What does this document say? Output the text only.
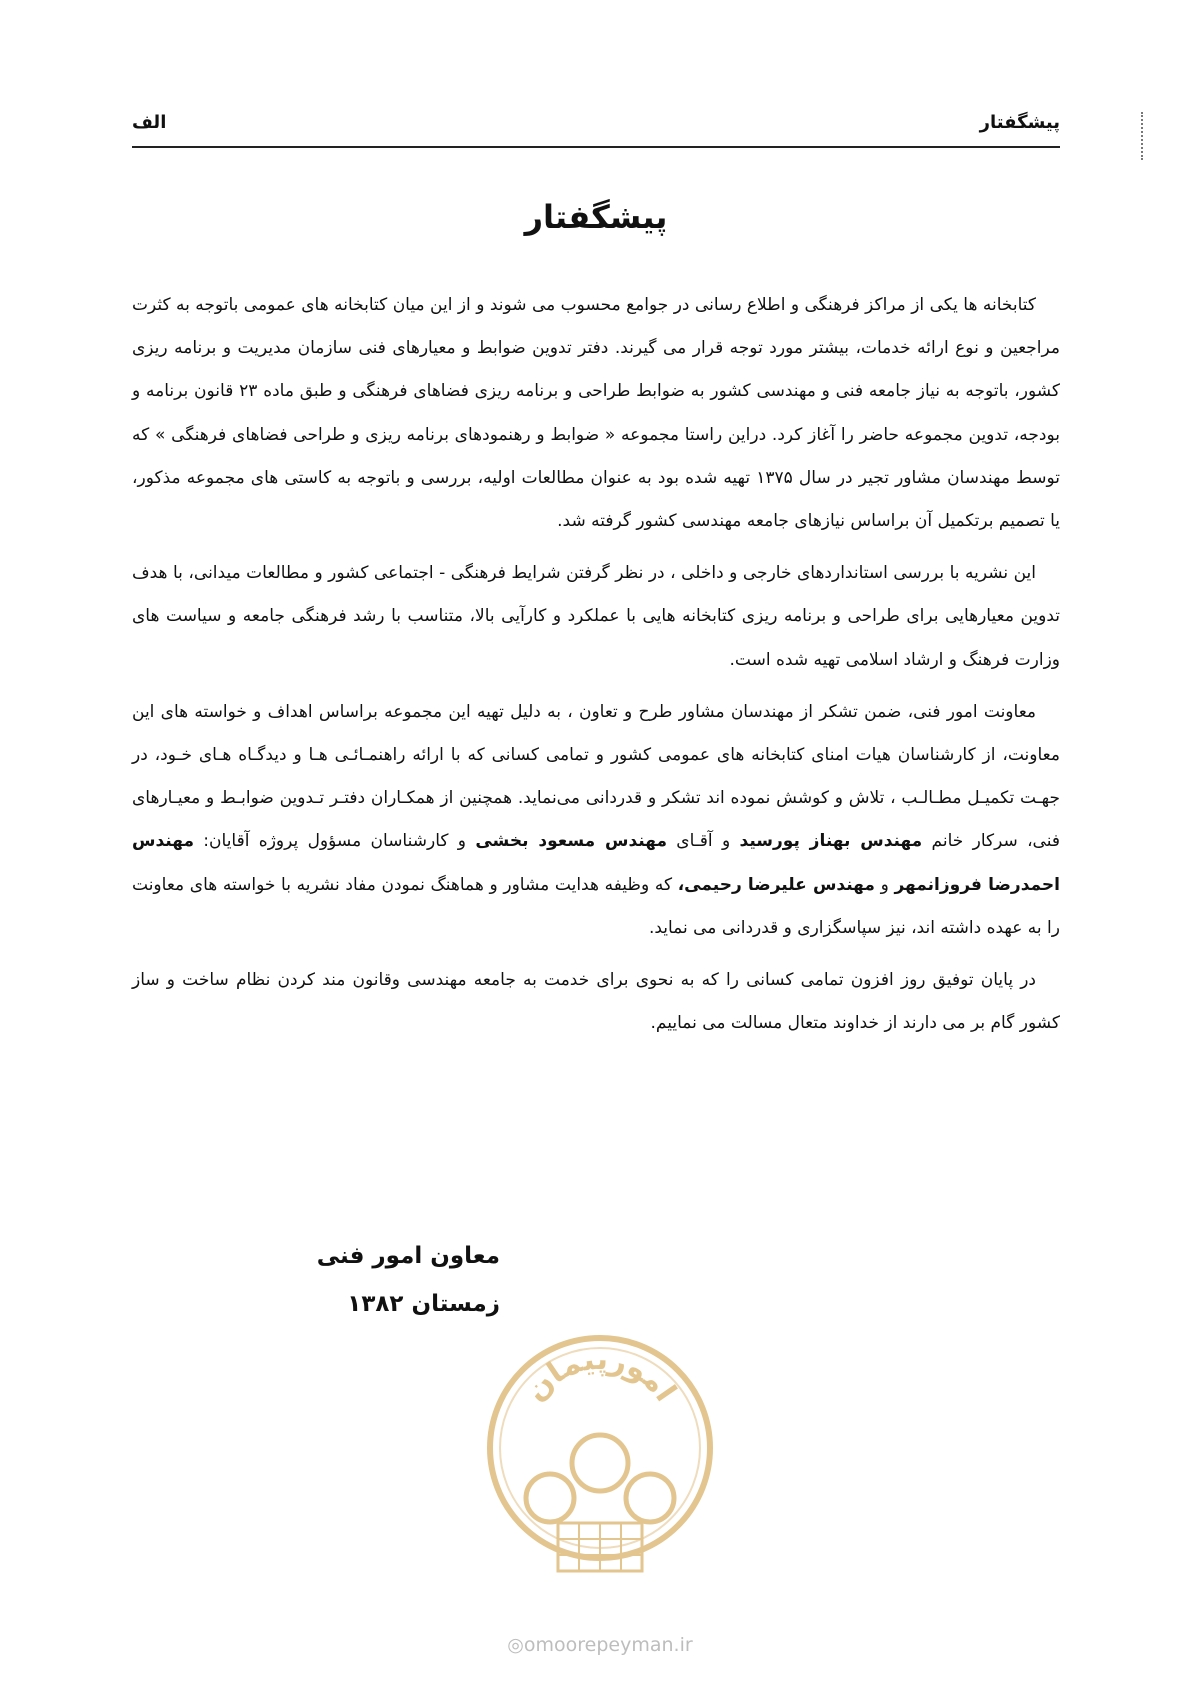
پیشگفتار
الف
پیشگفتار

کتابخانه ها یکی از مراکز فرهنگی و اطلاع رسانی در جوامع محسوب می شوند و از این میان کتابخانه های عمومی باتوجه به کثرت مراجعین و نوع ارائه خدمات، بیشتر مورد توجه قرار می گیرند. دفتر تدوین ضوابط و معیارهای فنی سازمان مدیریت و برنامه ریزی کشور، باتوجه به نیاز جامعه فنی و مهندسی کشور به ضوابط طراحی و برنامه ریزی فضاهای فرهنگی و طبق ماده ۲۳ قانون برنامه و بودجه، تدوین مجموعه حاضر را آغاز کرد. دراین راستا مجموعه « ضوابط و رهنمودهای برنامه ریزی و طراحی فضاهای فرهنگی » که توسط مهندسان مشاور تجیر در سال ۱۳۷۵ تهیه شده بود به عنوان مطالعات اولیه، بررسی و باتوجه به کاستی های مجموعه مذکور، یا تصمیم برتکمیل آن براساس نیازهای جامعه مهندسی کشور گرفته شد.

این نشریه با بررسی استانداردهای خارجی و داخلی ، در نظر گرفتن شرایط فرهنگی - اجتماعی کشور و مطالعات میدانی، با هدف تدوین معیارهایی برای طراحی و برنامه ریزی کتابخانه هایی با عملکرد و کارآیی بالا، متناسب با رشد فرهنگی جامعه و سیاست های وزارت فرهنگ و ارشاد اسلامی تهیه شده است.

معاونت امور فنی، ضمن تشکر از مهندسان مشاور طرح و تعاون ، به دلیل تهیه این مجموعه براساس اهداف و خواسته های این معاونت، از کارشناسان هیات امنای کتابخانه های عمومی کشور و تمامی کسانی که با ارائه راهنمـائـی هـا و دیدگـاه هـای خـود، در جهـت تکمیـل مطـالـب ، تلاش و کوشش نموده اند تشکر و قدردانی می‌نماید. همچنین از همکـاران دفتـر تـدوین ضوابـط و معیـارهای فنی، سرکار خانم مهندس بهناز پورسید و آقـای مهندس مسعود بخشی و کارشناسان مسؤول پروژه آقایان: مهندس احمدرضا فروزانمهر و مهندس علیرضا رحیمی، که وظیفه هدایت مشاور و هماهنگ نمودن مفاد نشریه با خواسته های معاونت را به عهده داشته اند، نیز سپاسگزاری و قدردانی می نماید.

در پایان توفیق روز افزون تمامی کسانی را که به نحوی برای خدمت به جامعه مهندسی وقانون مند کردن نظام ساخت و ساز کشور گام بر می دارند از خداوند متعال مسالت می نماییم.

معاون امور فنی
زمستان ۱۳۸۲
امورپیمان
◎omoorepeyman.ir
